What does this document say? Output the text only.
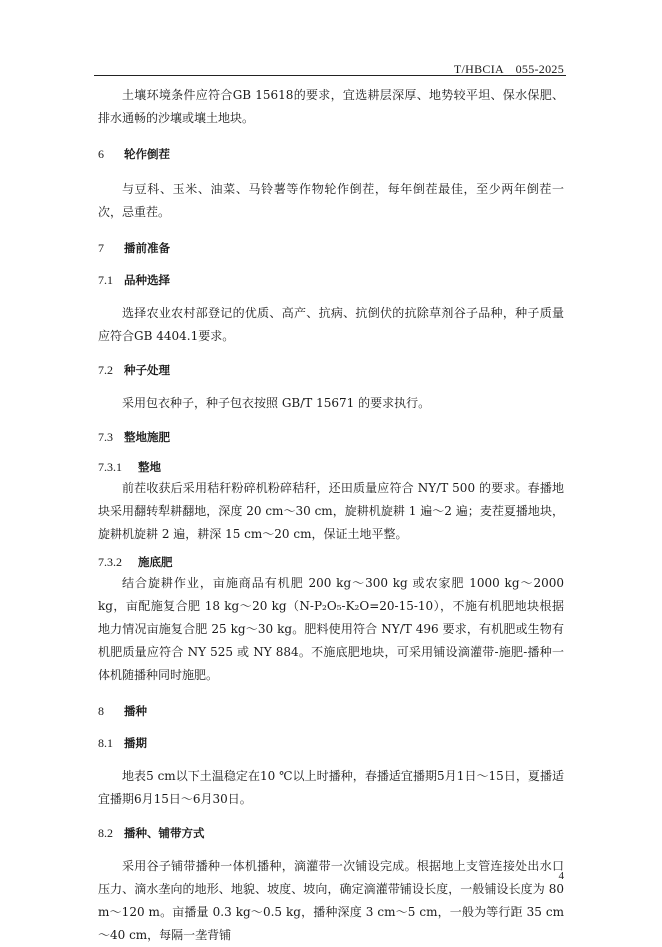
T/HBCIA　055-2025

土壤环境条件应符合GB 15618的要求，宜选耕层深厚、地势较平坦、保水保肥、排水通畅的沙壤或壤土地块。

6 轮作倒茬

与豆科、玉米、油菜、马铃薯等作物轮作倒茬，每年倒茬最佳，至少两年倒茬一次，忌重茬。

7 播前准备
7.1 品种选择

选择农业农村部登记的优质、高产、抗病、抗倒伏的抗除草剂谷子品种，种子质量应符合GB 4404.1要求。

7.2 种子处理

采用包衣种子，种子包衣按照 GB/T 15671 的要求执行。

7.3 整地施肥
7.3.1 整地

前茬收获后采用秸秆粉碎机粉碎秸秆，还田质量应符合 NY/T 500 的要求。春播地块采用翻转犁耕翻地，深度 20 cm～30 cm，旋耕机旋耕 1 遍～2 遍；麦茬夏播地块，旋耕机旋耕 2 遍，耕深 15 cm～20 cm，保证土地平整。

7.3.2 施底肥

结合旋耕作业，亩施商品有机肥 200 kg～300 kg 或农家肥 1000 kg～2000 kg，亩配施复合肥 18 kg～20 kg（N-P₂O₅-K₂O=20-15-10），不施有机肥地块根据地力情况亩施复合肥 25 kg～30 kg。肥料使用符合 NY/T 496 要求，有机肥或生物有机肥质量应符合 NY 525 或 NY 884。不施底肥地块，可采用铺设滴灌带-施肥-播种一体机随播种同时施肥。

8 播种
8.1 播期

地表5 cm以下土温稳定在10 ℃以上时播种，春播适宜播期5月1日～15日，夏播适宜播期6月15日～6月30日。

8.2 播种、铺带方式

采用谷子铺带播种一体机播种，滴灌带一次铺设完成。根据地上支管连接处出水口压力、滴水垄向的地形、地貌、坡度、坡向，确定滴灌带铺设长度，一般铺设长度为 80 m～120 m。亩播量 0.3 kg～0.5 kg，播种深度 3 cm～5 cm，一般为等行距 35 cm～40 cm，每隔一垄背铺

4
